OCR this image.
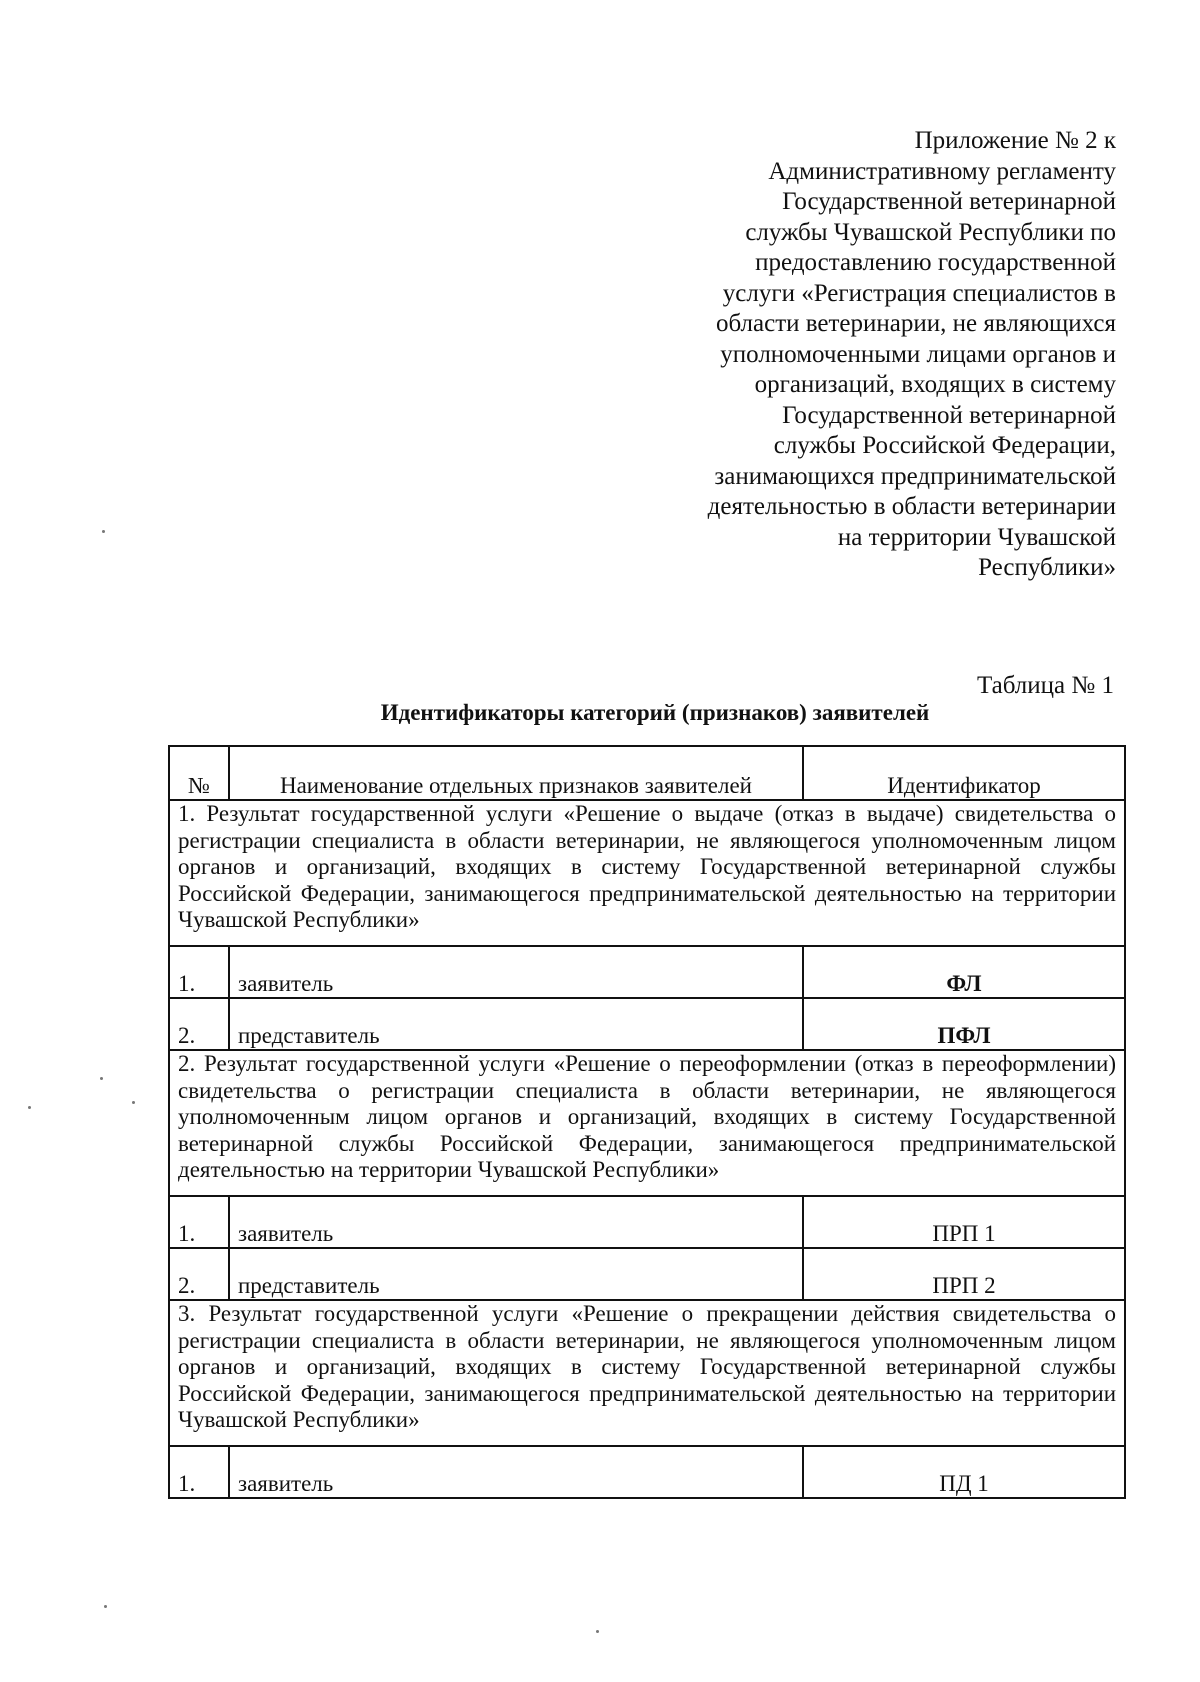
Приложение № 2 к
Административному регламенту
Государственной ветеринарной
службы Чувашской Республики по
предоставлению государственной
услуги «Регистрация специалистов в
области ветеринарии, не являющихся
уполномоченными лицами органов и
организаций, входящих в систему
Государственной ветеринарной
службы Российской Федерации,
занимающихся предпринимательской
деятельностью в области ветеринарии
на территории Чувашской
Республики»
Таблица № 1
Идентификаторы категорий (признаков) заявителей
№	Наименование отдельных признаков заявителей	Идентификатор
1. Результат государственной услуги «Решение о выдаче (отказ в выдаче) свидетельства о регистрации специалиста в области ветеринарии, не являющегося уполномоченным лицом органов и организаций, входящих в систему Государственной ветеринарной службы Российской Федерации, занимающегося предпринимательской деятельностью на территории Чувашской Республики»		
1.	заявитель	ФЛ
2.	представитель	ПФЛ
2. Результат государственной услуги «Решение о переоформлении (отказ в переоформлении) свидетельства о регистрации специалиста в области ветеринарии, не являющегося уполномоченным лицом органов и организаций, входящих в систему Государственной ветеринарной службы Российской Федерации, занимающегося предпринимательской деятельностью на территории Чувашской Республики»		
1.	заявитель	ПРП 1
2.	представитель	ПРП 2
3. Результат государственной услуги «Решение о прекращении действия свидетельства о регистрации специалиста в области ветеринарии, не являющегося уполномоченным лицом органов и организаций, входящих в систему Государственной ветеринарной службы Российской Федерации, занимающегося предпринимательской деятельностью на территории Чувашской Республики»		
1.	заявитель	ПД 1
